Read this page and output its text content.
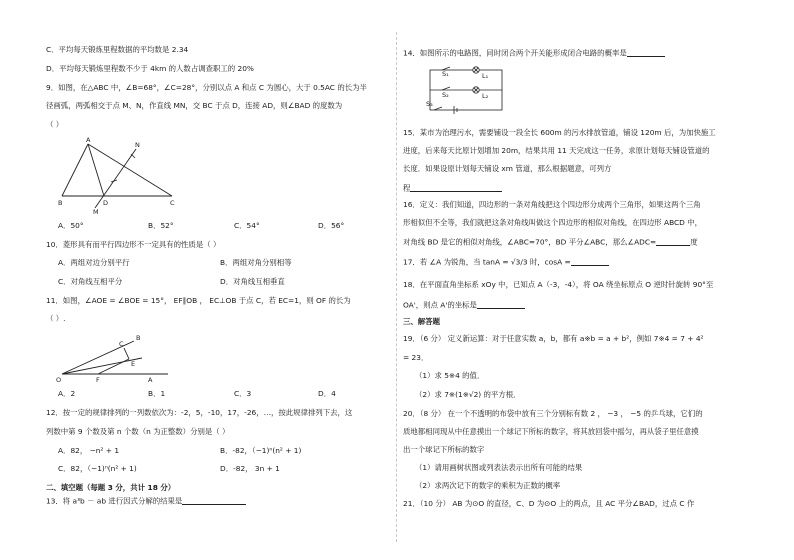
C．平均每天锻炼里程数据的平均数是 2.34
D．平均每天锻炼里程数不少于 4km 的人数占调查职工的 20%
9．如图，在△ABC 中，∠B=68°，∠C=28°，分别以点 A 和点 C 为圆心，大于 0.5AC 的长为半
径画弧，两弧相交于点 M、N，作直线 MN，交 BC 于点 D，连接 AD，则∠BAD 的度数为
（ ）
A
B	C
D
M
N
A．50°	B．52°	C．54°	D．56°
10．菱形具有而平行四边形不一定具有的性质是（ ）
A．两组对边分别平行	B．两组对角分别相等
C．对角线互相平分	D．对角线互相垂直
11．如图，∠AOE = ∠BOE = 15°， EF∥OB ， EC⊥OB 于点 C，若 EC=1，则 OF 的长为
（ ）.
O	F	A
B
C
E
A．2	B．1	C．3	D．4
12．按一定的规律排列的一列数依次为：-2，5，-10，17，-26，…，按此规律排列下去，这
列数中第 9 个数及第 n 个数（n 为正整数）分别是（ ）
A．82， −n² + 1	B．-82，（−1)ⁿ(n² + 1)
C．82，（−1)ⁿ(n² + 1)	D．-82， 3n + 1
二、填空题（每题 3 分，共计 18 分）
13．将 a³b － ab 进行因式分解的结果是
14．如图所示的电路图，同时闭合两个开关能形成闭合电路的概率是
S₁
S₂
S₃
L₁
L₂
15．某市为治理污水，需要铺设一段全长 600m 的污水排放管道，铺设 120m 后，为加快施工
进度，后来每天比原计划增加 20m，结果共用 11 天完成这一任务，求原计划每天铺设管道的
长度．如果设原计划每天铺设 xm 管道，那么根据题意，可列方
程
16．定义：我们知道，四边形的一条对角线把这个四边形分成两个三角形，如果这两个三角
形相似但不全等，我们就把这条对角线叫做这个四边形的相似对角线，在四边形 ABCD 中，
对角线 BD 是它的相似对角线，∠ABC=70°，BD 平分∠ABC，那么∠ADC=	度
17．若 ∠A 为锐角，当 tanA = √3/3 时，cosA =
18．在平面直角坐标系 xOy 中，已知点 A（-3，-4），将 OA 绕坐标原点 O 逆时针旋转 90°至
OA'，则点 A'的坐标是
三、解答题
19．（6 分） 定义新运算：对于任意实数 a，b，都有 a※b = a + b²，例如 7※4 = 7 + 4²
= 23．
（1）求 5※4 的值．
（2）求 7※(1※√2) 的平方根．
20．（8 分） 在一个不透明的布袋中放有三个分别标有数 2 ， −3 ， −5 的乒乓球，它们的
质地都相同现从中任意摸出一个球记下所标的数字，将其放回袋中摇匀，再从袋子里任意摸
出一个球记下所标的数字
（1）请用画树状图或列表法表示出所有可能的结果
（2）求两次记下的数字的乘积为正数的概率
21．（10 分） AB 为⊙O 的直径，C、D 为⊙O 上的两点，且 AC 平分∠BAD，过点 C 作
